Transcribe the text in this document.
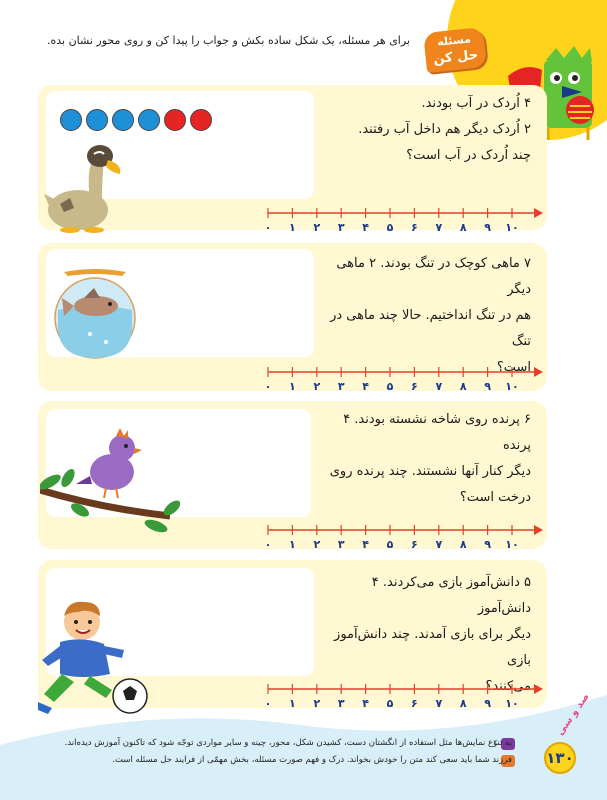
مسئله
حل کن
برای هر مسئله، یک شکل ساده بکش و جواب را پیدا کن و روی محور نشان بده.
۴ اُردک در آب بودند.
۲ اُردک دیگر هم داخل آب رفتند.
چند اُردک در آب است؟
۷ ماهی کوچک در تنگ بودند. ۲ ماهی دیگر
هم در تنگ انداختیم. حالا چند ماهی در تنگ
است؟
۶ پرنده روی شاخه نشسته بودند. ۴ پرنده
دیگر کنار آنها نشستند. چند پرنده روی
درخت است؟
۵ دانش‌آموز بازی می‌کردند. ۴ دانش‌آموز
دیگر برای بازی آمدند. چند دانش‌آموز بازی
می‌کنند؟
۰	۱	۲	۳	۴	۵	۶	۷	۸	۹	۱۰
۰	۱	۲	۳	۴	۵	۶	۷	۸	۹	۱۰
۰	۱	۲	۳	۴	۵	۶	۷	۸	۹	۱۰
۰	۱	۲	۳	۴	۵	۶	۷	۸	۹	۱۰
به تنوّع نمایش‌ها مثل استفاده از انگشتان دست، کشیدن شکل، محور، چینه و سایر مواردی توجّه شود که تاکنون آموزش دیده‌اند.
فرزند شما باید سعی کند متن را خودش بخواند. درک و فهم صورت مسئله، بخش مهمّی از فرایند حل مسئله است.
صد و سی
۱۳۰
